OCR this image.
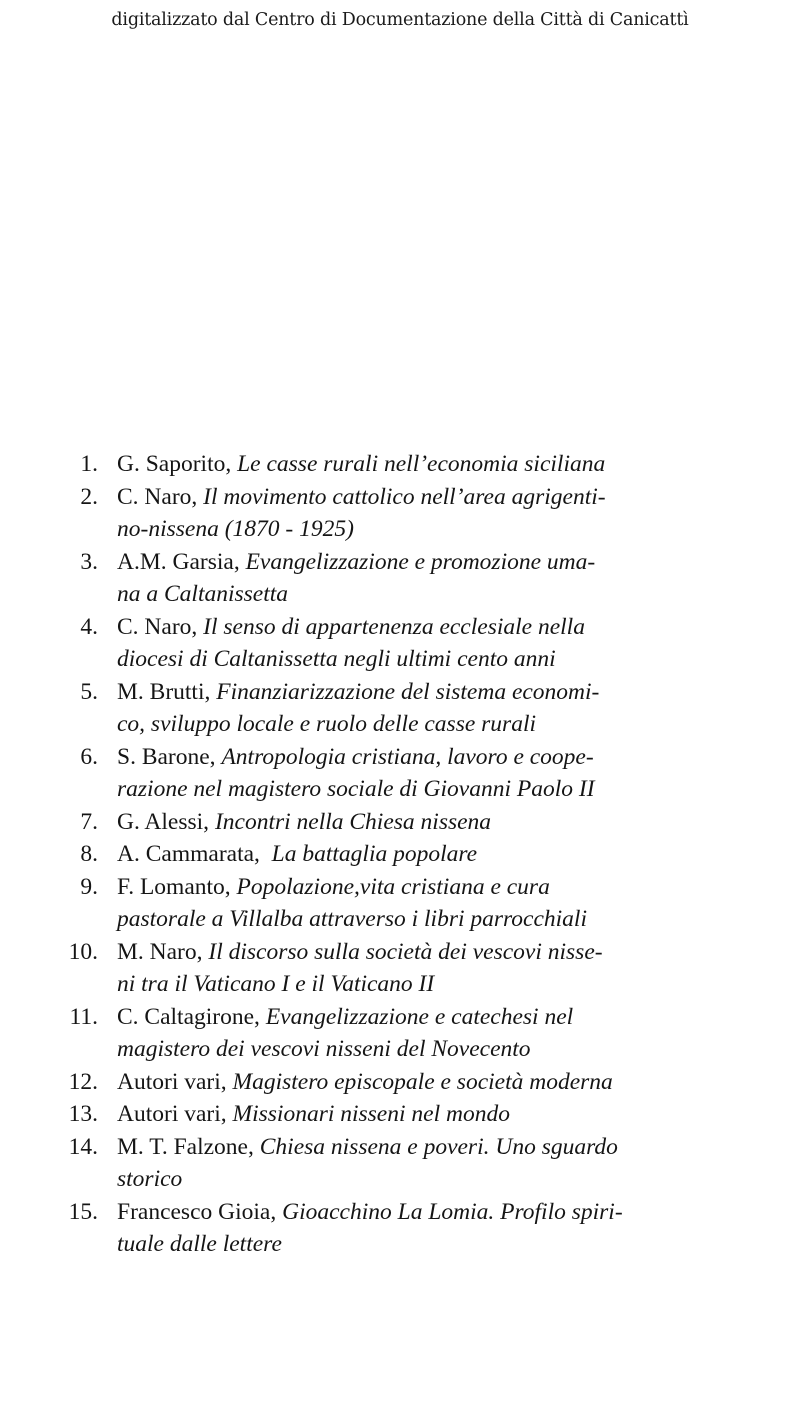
digitalizzato dal Centro di Documentazione della Città di Canicattì
1. G. Saporito, Le casse rurali nell’economia siciliana
2. C. Naro, Il movimento cattolico nell’area agrigenti-
no-nissena (1870 - 1925)
3. A.M. Garsia, Evangelizzazione e promozione uma-
na a Caltanissetta
4. C. Naro, Il senso di appartenenza ecclesiale nella
diocesi di Caltanissetta negli ultimi cento anni
5. M. Brutti, Finanziarizzazione del sistema economi-
co, sviluppo locale e ruolo delle casse rurali
6. S. Barone, Antropologia cristiana, lavoro e coope-
razione nel magistero sociale di Giovanni Paolo II
7. G. Alessi, Incontri nella Chiesa nissena
8. A. Cammarata, La battaglia popolare
9. F. Lomanto, Popolazione,vita cristiana e cura
pastorale a Villalba attraverso i libri parrocchiali
10. M. Naro, Il discorso sulla società dei vescovi nisse-
ni tra il Vaticano I e il Vaticano II
11. C. Caltagirone, Evangelizzazione e catechesi nel
magistero dei vescovi nisseni del Novecento
12. Autori vari, Magistero episcopale e società moderna
13. Autori vari, Missionari nisseni nel mondo
14. M. T. Falzone, Chiesa nissena e poveri. Uno sguardo
storico
15. Francesco Gioia, Gioacchino La Lomia. Profilo spiri-
tuale dalle lettere
